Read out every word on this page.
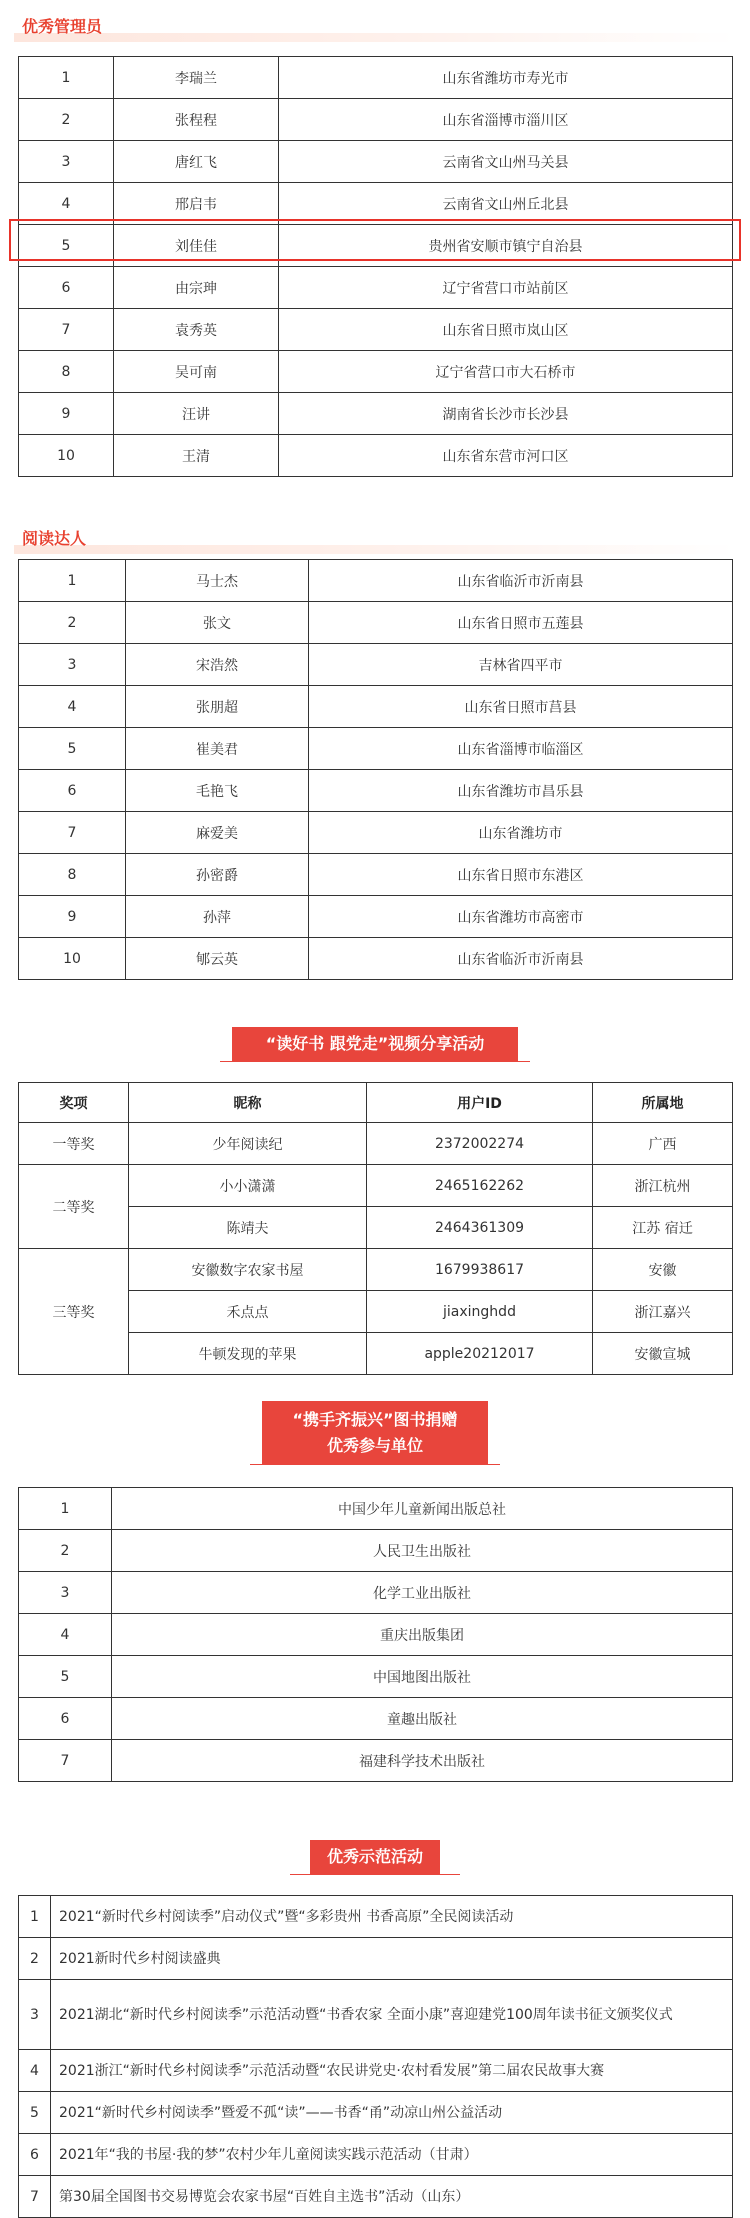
优秀管理员
1	李瑞兰	山东省潍坊市寿光市
2	张程程	山东省淄博市淄川区
3	唐红飞	云南省文山州马关县
4	邢启韦	云南省文山州丘北县
5	刘佳佳	贵州省安顺市镇宁自治县
6	由宗珅	辽宁省营口市站前区
7	袁秀英	山东省日照市岚山区
8	吴可南	辽宁省营口市大石桥市
9	汪讲	湖南省长沙市长沙县
10	王清	山东省东营市河口区
阅读达人
1	马士杰	山东省临沂市沂南县
2	张文	山东省日照市五莲县
3	宋浩然	吉林省四平市
4	张朋超	山东省日照市莒县
5	崔美君	山东省淄博市临淄区
6	毛艳飞	山东省潍坊市昌乐县
7	麻爱美	山东省潍坊市
8	孙密爵	山东省日照市东港区
9	孙萍	山东省潍坊市高密市
10	郇云英	山东省临沂市沂南县
“读好书 跟党走”视频分享活动
奖项	昵称	用户ID	所属地
一等奖	少年阅读纪	2372002274	广西
二等奖	小小潇潇	2465162262	浙江杭州
	陈靖夫	2464361309	江苏 宿迁
三等奖	安徽数字农家书屋	1679938617	安徽
	禾点点	jiaxinghdd	浙江嘉兴
	牛顿发现的苹果	apple20212017	安徽宣城
“携手齐振兴”图书捐赠
优秀参与单位
1	中国少年儿童新闻出版总社
2	人民卫生出版社
3	化学工业出版社
4	重庆出版集团
5	中国地图出版社
6	童趣出版社
7	福建科学技术出版社
优秀示范活动
1	2021“新时代乡村阅读季”启动仪式”暨“多彩贵州 书香高原”全民阅读活动
2	2021新时代乡村阅读盛典
3	2021湖北“新时代乡村阅读季”示范活动暨“书香农家 全面小康”喜迎建党100周年读书征文颁奖仪式
4	2021浙江“新时代乡村阅读季”示范活动暨“农民讲党史·农村看发展”第二届农民故事大赛
5	2021“新时代乡村阅读季”暨爱不孤“读”——书香“甬”动凉山州公益活动
6	2021年“我的书屋·我的梦”农村少年儿童阅读实践示范活动（甘肃）
7	第30届全国图书交易博览会农家书屋“百姓自主选书”活动（山东）
